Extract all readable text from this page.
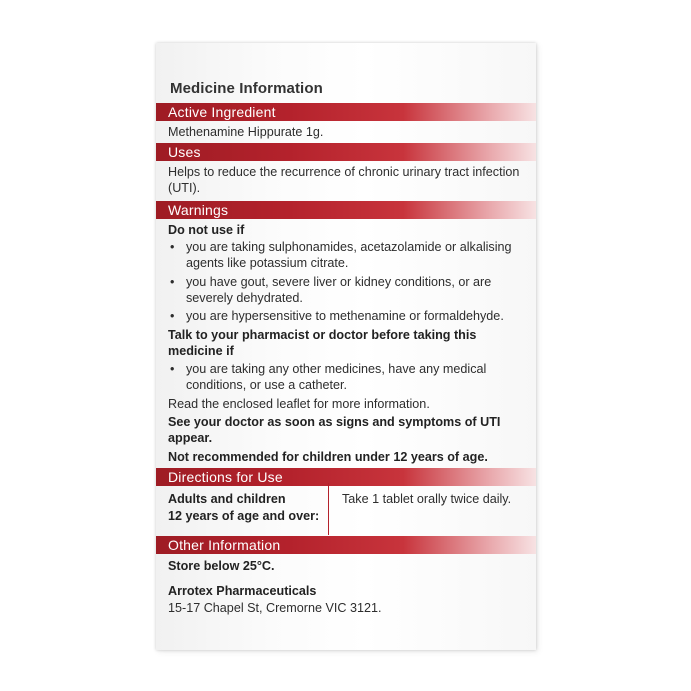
Medicine Information
Active Ingredient
Methenamine Hippurate 1g.
Uses
Helps to reduce the recurrence of chronic urinary tract infection
(UTI).
Warnings
Do not use if
• you are taking sulphonamides, acetazolamide or alkalising
agents like potassium citrate.
• you have gout, severe liver or kidney conditions, or are
severely dehydrated.
• you are hypersensitive to methenamine or formaldehyde.
Talk to your pharmacist or doctor before taking this
medicine if
• you are taking any other medicines, have any medical
conditions, or use a catheter.
Read the enclosed leaflet for more information.
See your doctor as soon as signs and symptoms of UTI
appear.
Not recommended for children under 12 years of age.
Directions for Use
Adults and children
12 years of age and over:
Take 1 tablet orally twice daily.
Other Information
Store below 25°C.
Arrotex Pharmaceuticals
15-17 Chapel St, Cremorne VIC 3121.
